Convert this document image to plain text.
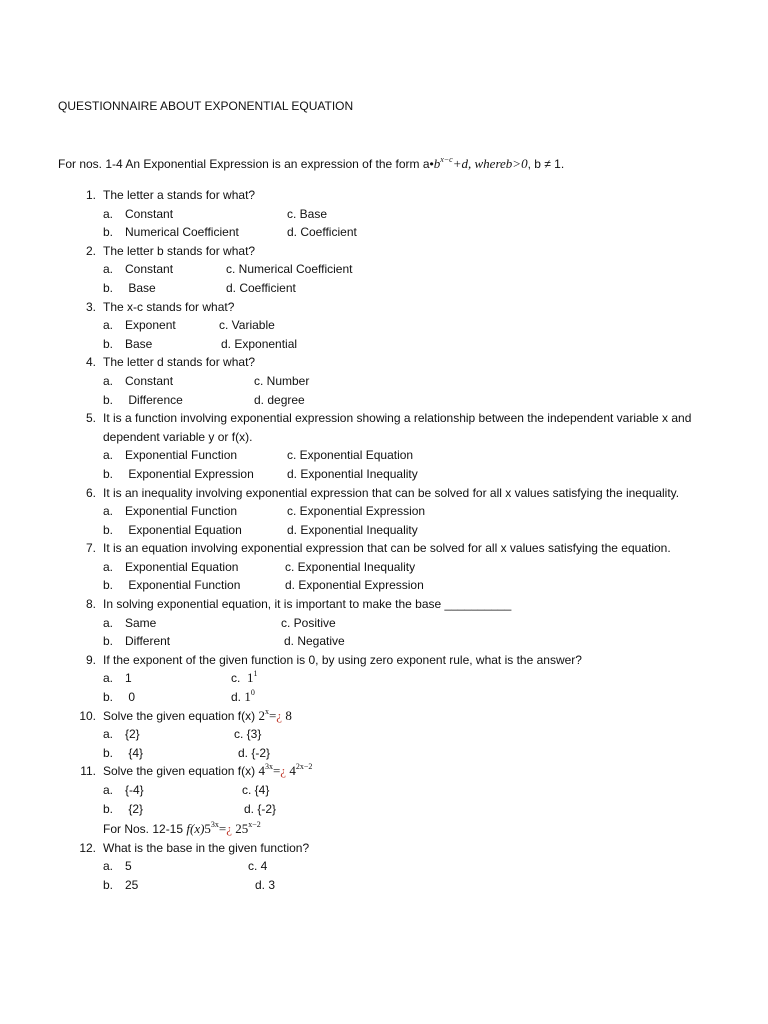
QUESTIONNAIRE ABOUT EXPONENTIAL EQUATION
For nos. 1-4 An Exponential Expression is an expression of the form $a•b^{x-c}+d$, whereb>0, b ≠ 1.
1. The letter a stands for what?
a. Constant	c. Base
b. Numerical Coefficient	d. Coefficient
2. The letter b stands for what?
a. Constant	c. Numerical Coefficient
b. Base	d. Coefficient
3. The x-c stands for what?
a. Exponent	c. Variable
b. Base	d. Exponential
4. The letter d stands for what?
a. Constant	c. Number
b. Difference	d. degree
5. It is a function involving exponential expression showing a relationship between the independent variable x and dependent variable y or f(x).
a. Exponential Function	c. Exponential Equation
b. Exponential Expression	d. Exponential Inequality
6. It is an inequality involving exponential expression that can be solved for all x values satisfying the inequality.
a. Exponential Function	c. Exponential Expression
b. Exponential Equation	d. Exponential Inequality
7. It is an equation involving exponential expression that can be solved for all x values satisfying the equation.
a. Exponential Equation	c. Exponential Inequality
b. Exponential Function	d. Exponential Expression
8. In solving exponential equation, it is important to make the base __________
a. Same	c. Positive
b. Different	d. Negative
9. If the exponent of the given function is 0, by using zero exponent rule, what is the answer?
a. 1	c. $1^1$
b. 0	d. $1^0$
10. Solve the given equation f(x) $2^x=¿$ 8
a. {2}	c. {3}
b. {4}	d. {-2}
11. Solve the given equation f(x) $4^{3x}=¿$ $4^{2x-2}$
a. {-4}	c. {4}
b. {2}	d. {-2}
For Nos. 12-15 $f(x)5^{3x}=¿$ $25^{x-2}$
12. What is the base in the given function?
a. 5	c. 4
b. 25	d. 3
